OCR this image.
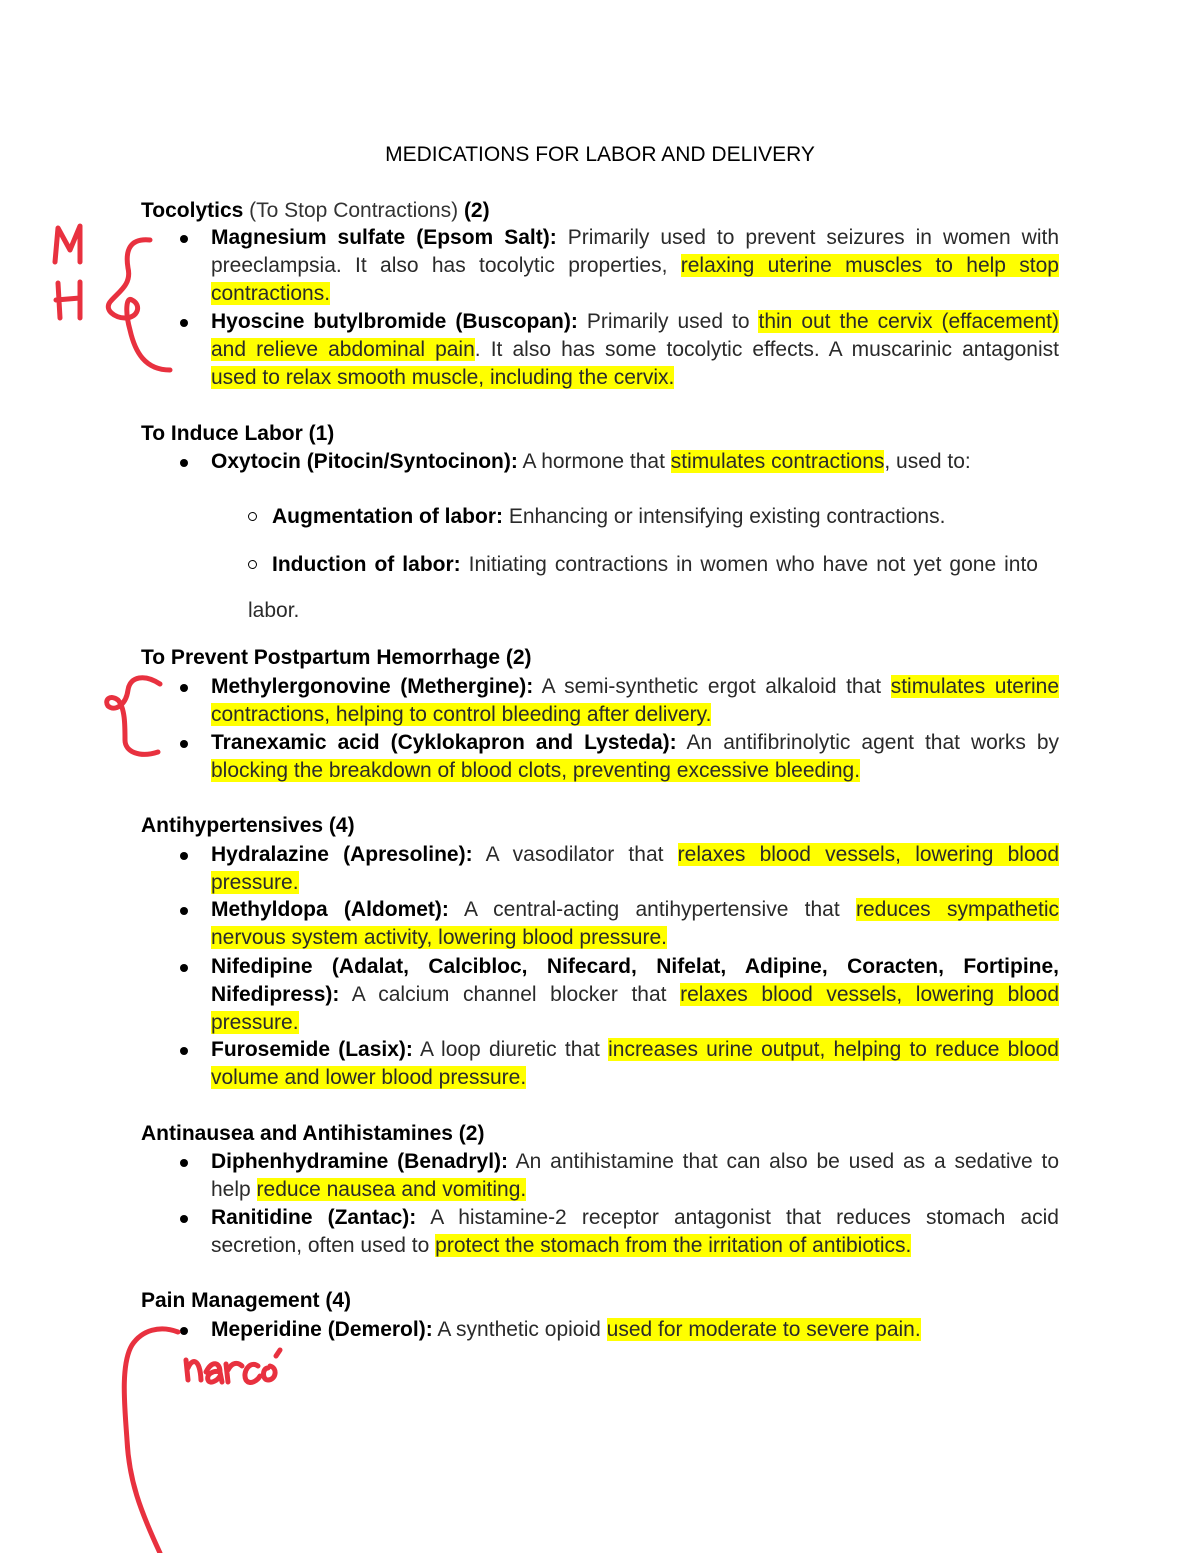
MEDICATIONS FOR LABOR AND DELIVERY
Tocolytics (To Stop Contractions) (2)
Magnesium sulfate (Epsom Salt): Primarily used to prevent seizures in women with preeclampsia. It also has tocolytic properties, relaxing uterine muscles to help stop contractions.
Hyoscine butylbromide (Buscopan): Primarily used to thin out the cervix (effacement) and relieve abdominal pain. It also has some tocolytic effects. A muscarinic antagonist used to relax smooth muscle, including the cervix.
To Induce Labor (1)
Oxytocin (Pitocin/Syntocinon): A hormone that stimulates contractions, used to:
Augmentation of labor: Enhancing or intensifying existing contractions.
Induction of labor: Initiating contractions in women who have not yet gone into labor.
To Prevent Postpartum Hemorrhage (2)
Methylergonovine (Methergine): A semi-synthetic ergot alkaloid that stimulates uterine contractions, helping to control bleeding after delivery.
Tranexamic acid (Cyklokapron and Lysteda): An antifibrinolytic agent that works by blocking the breakdown of blood clots, preventing excessive bleeding.
Antihypertensives (4)
Hydralazine (Apresoline): A vasodilator that relaxes blood vessels, lowering blood pressure.
Methyldopa (Aldomet): A central-acting antihypertensive that reduces sympathetic nervous system activity, lowering blood pressure.
Nifedipine (Adalat, Calcibloc, Nifecard, Nifelat, Adipine, Coracten, Fortipine, Nifedipress): A calcium channel blocker that relaxes blood vessels, lowering blood pressure.
Furosemide (Lasix): A loop diuretic that increases urine output, helping to reduce blood volume and lower blood pressure.
Antinausea and Antihistamines (2)
Diphenhydramine (Benadryl): An antihistamine that can also be used as a sedative to help reduce nausea and vomiting.
Ranitidine (Zantac): A histamine-2 receptor antagonist that reduces stomach acid secretion, often used to protect the stomach from the irritation of antibiotics.
Pain Management (4)
Meperidine (Demerol): A synthetic opioid used for moderate to severe pain.
